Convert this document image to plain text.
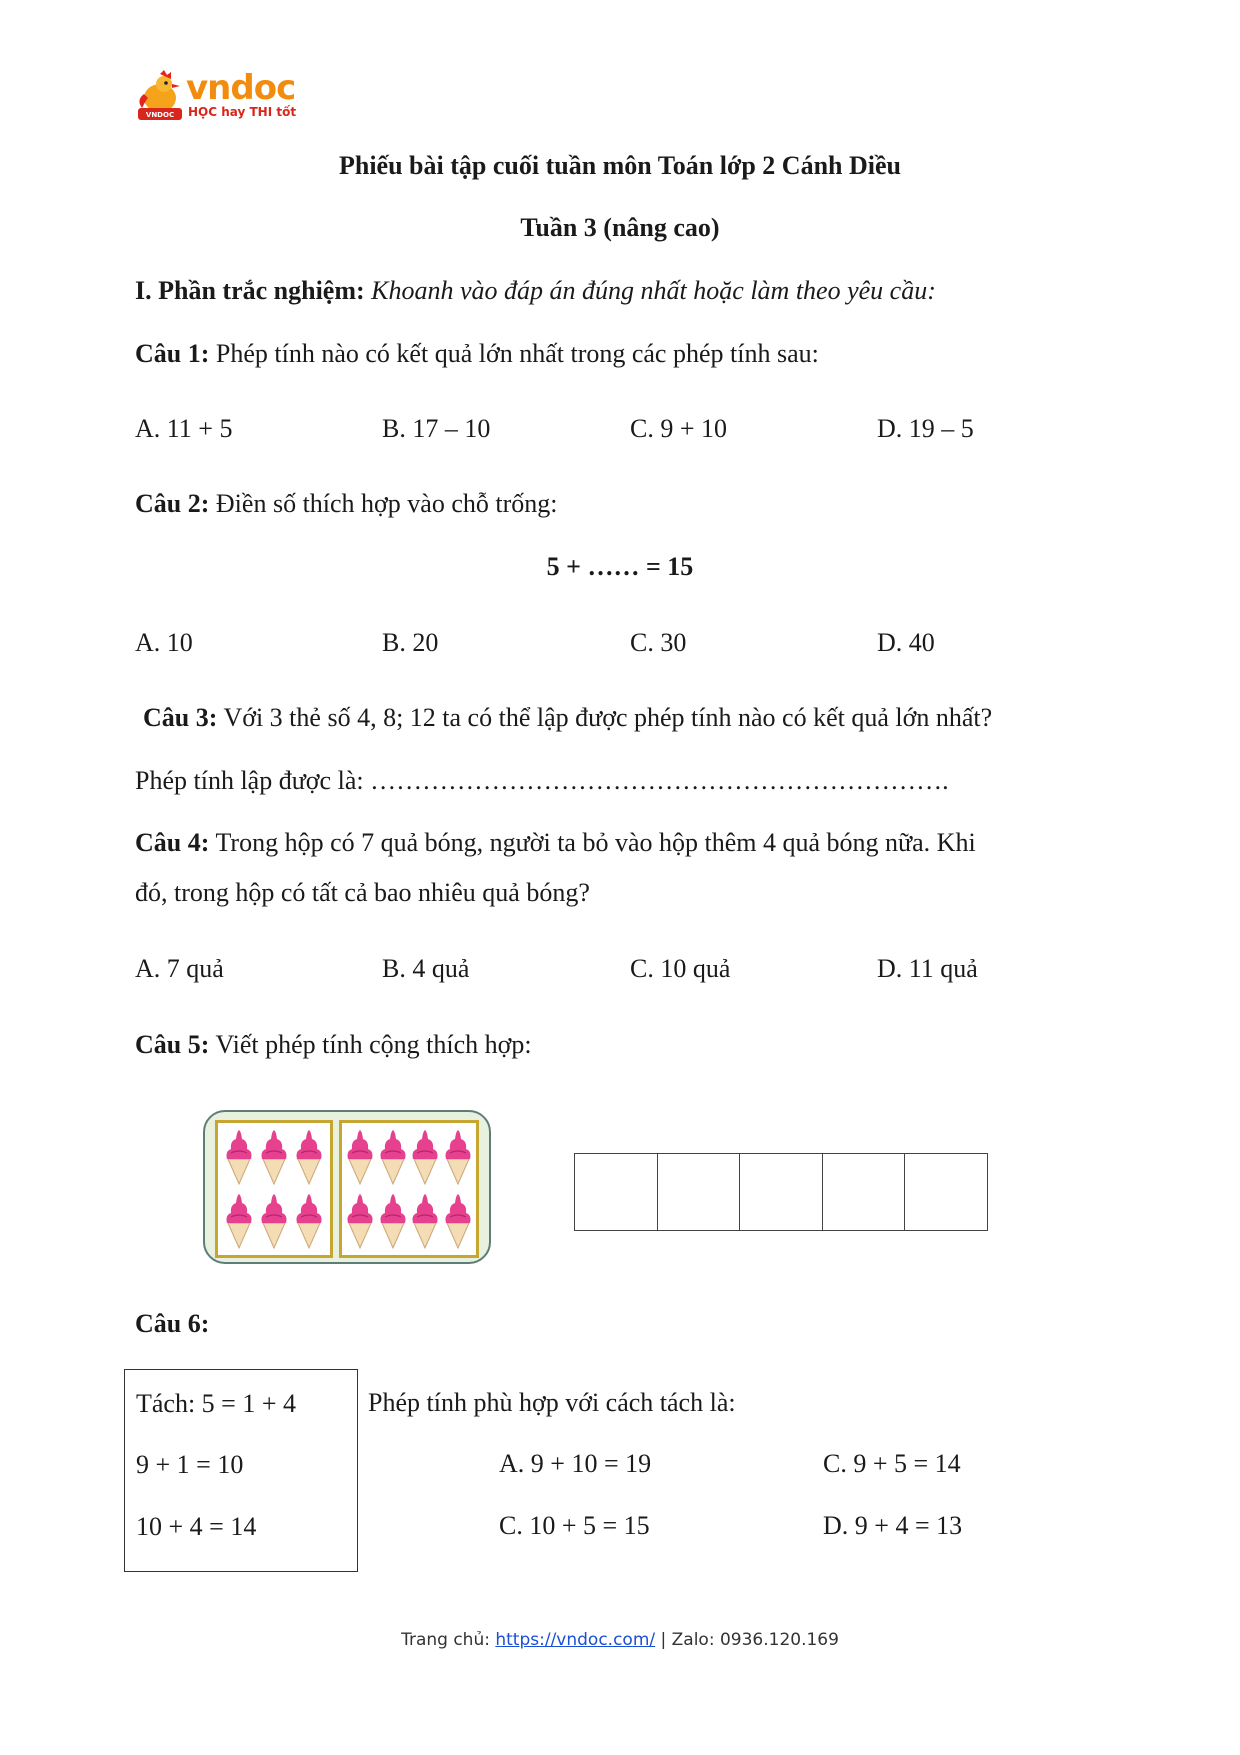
VNDOC
vndoc
HỌC hay THI tốt
Phiếu bài tập cuối tuần môn Toán lớp 2 Cánh Diều
Tuần 3 (nâng cao)
I. Phần trắc nghiệm: Khoanh vào đáp án đúng nhất hoặc làm theo yêu cầu:
Câu 1: Phép tính nào có kết quả lớn nhất trong các phép tính sau:
A. 11 + 5	B. 17 – 10	C. 9 + 10	D. 19 – 5
Câu 2: Điền số thích hợp vào chỗ trống:
5 + …… = 15
A. 10	B. 20	C. 30	D. 40
Câu 3: Với 3 thẻ số 4, 8; 12 ta có thể lập được phép tính nào có kết quả lớn nhất?
Phép tính lập được là: ………………………………………………………….
Câu 4: Trong hộp có 7 quả bóng, người ta bỏ vào hộp thêm 4 quả bóng nữa. Khi
đó, trong hộp có tất cả bao nhiêu quả bóng?
A. 7 quả	B. 4 quả	C. 10 quả	D. 11 quả
Câu 5: Viết phép tính cộng thích hợp:
Câu 6:
Tách: 5 = 1 + 4
9 + 1 = 10
10 + 4 = 14
Phép tính phù hợp với cách tách là:
A. 9 + 10 = 19	C. 9 + 5 = 14
C. 10 + 5 = 15	D. 9 + 4 = 13
Trang chủ: https://vndoc.com/ | Zalo: 0936.120.169
